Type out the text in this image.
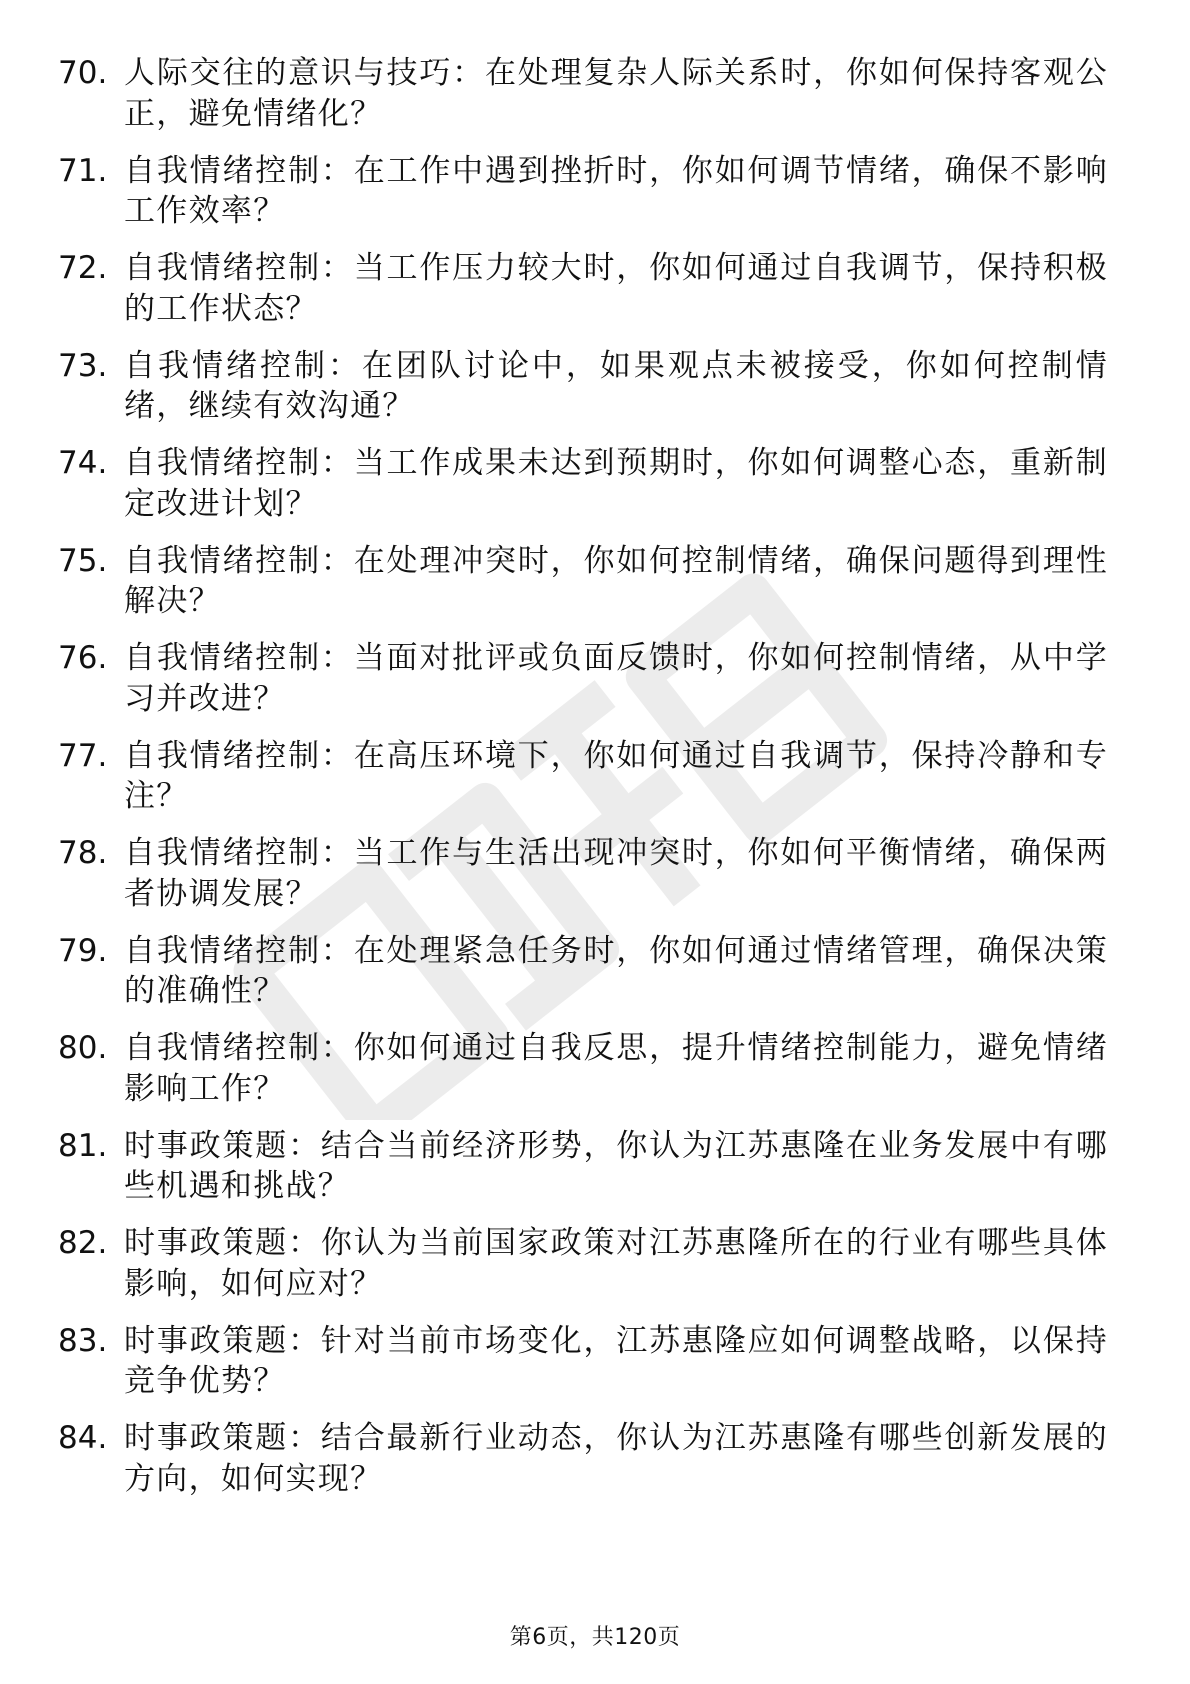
70. 人际交往的意识与技巧：在处理复杂人际关系时，你如何保持客观公正，避免情绪化？
71. 自我情绪控制：在工作中遇到挫折时，你如何调节情绪，确保不影响工作效率？
72. 自我情绪控制：当工作压力较大时，你如何通过自我调节，保持积极的工作状态？
73. 自我情绪控制：在团队讨论中，如果观点未被接受，你如何控制情绪，继续有效沟通？
74. 自我情绪控制：当工作成果未达到预期时，你如何调整心态，重新制定改进计划？
75. 自我情绪控制：在处理冲突时，你如何控制情绪，确保问题得到理性解决？
76. 自我情绪控制：当面对批评或负面反馈时，你如何控制情绪，从中学习并改进？
77. 自我情绪控制：在高压环境下，你如何通过自我调节，保持冷静和专注？
78. 自我情绪控制：当工作与生活出现冲突时，你如何平衡情绪，确保两者协调发展？
79. 自我情绪控制：在处理紧急任务时，你如何通过情绪管理，确保决策的准确性？
80. 自我情绪控制：你如何通过自我反思，提升情绪控制能力，避免情绪影响工作？
81. 时事政策题：结合当前经济形势，你认为江苏惠隆在业务发展中有哪些机遇和挑战？
82. 时事政策题：你认为当前国家政策对江苏惠隆所在的行业有哪些具体影响，如何应对？
83. 时事政策题：针对当前市场变化，江苏惠隆应如何调整战略，以保持竞争优势？
84. 时事政策题：结合最新行业动态，你认为江苏惠隆有哪些创新发展的方向，如何实现？
第6页，共120页
